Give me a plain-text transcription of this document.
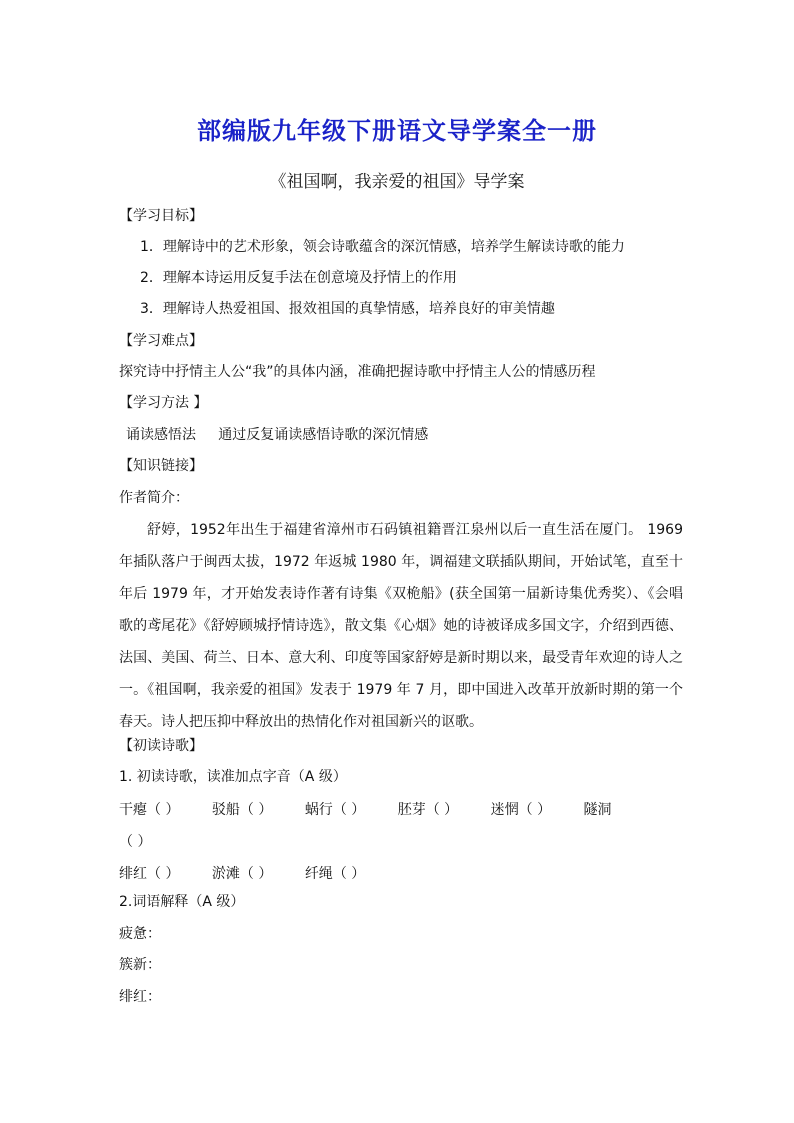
部编版九年级下册语文导学案全一册
《祖国啊，我亲爱的祖国》导学案
【学习目标】
1．理解诗中的艺术形象，领会诗歌蕴含的深沉情感，培养学生解读诗歌的能力
2．理解本诗运用反复手法在创意境及抒情上的作用
3．理解诗人热爱祖国、报效祖国的真挚情感，培养良好的审美情趣
【学习难点】
探究诗中抒情主人公“我”的具体内涵，准确把握诗歌中抒情主人公的情感历程
【学习方法 】
诵读感悟法     通过反复诵读感悟诗歌的深沉情感
【知识链接】
作者简介：
舒婷，1952年出生于福建省漳州市石码镇祖籍晋江泉州以后一直生活在厦门。 1969 年插队落户于闽西太拔，1972 年返城 1980 年，调福建文联插队期间，开始试笔，直至十年后 1979 年，才开始发表诗作著有诗集《双桅船》(获全国第一届新诗集优秀奖）、《会唱歌的鸢尾花》《舒婷顾城抒情诗选》，散文集《心烟》她的诗被译成多国文字，介绍到西德、法国、美国、荷兰、日本、意大利、印度等国家舒婷是新时期以来，最受青年欢迎的诗人之一。《祖国啊，我亲爱的祖国》发表于 1979 年 7 月，即中国进入改革开放新时期的第一个春天。诗人把压抑中释放出的热情化作对祖国新兴的讴歌。
【初读诗歌】
1. 初读诗歌，读准加点字音（A 级）
干瘪（ ） 驳船（ ） 蜗行（ ） 胚芽（ ） 迷惘（ ） 隧洞
（ ）
绯红（ ） 淤滩（ ） 纤绳（ ）
2.词语解释（A 级）
疲惫：
簇新：
绯红：
